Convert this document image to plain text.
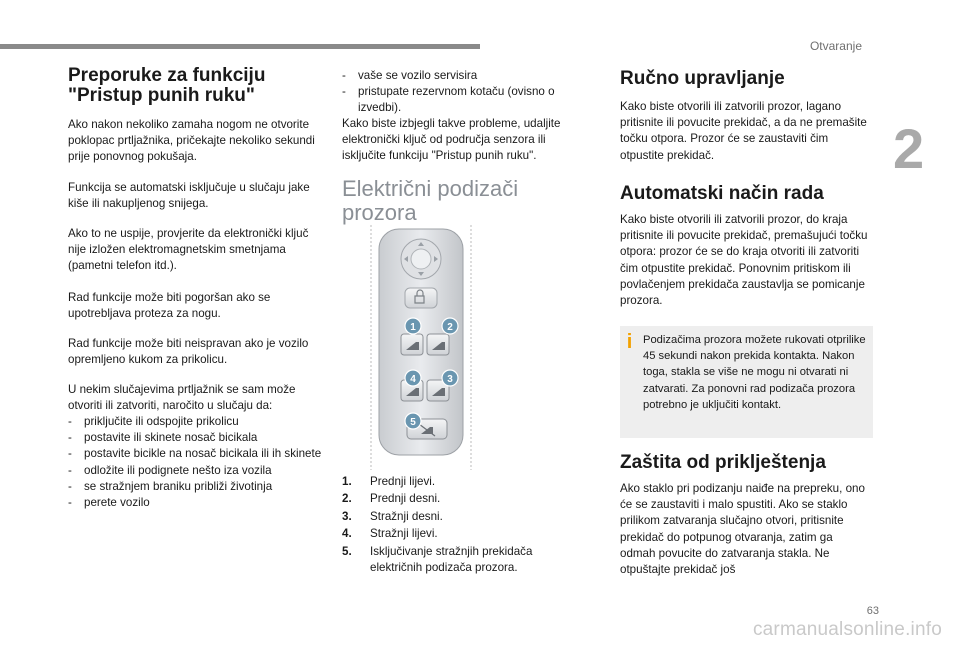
Otvaranje
2
Preporuke za funkciju
"Pristup punih ruku"

Ako nakon nekoliko zamaha nogom ne otvorite poklopac prtljažnika, pričekajte nekoliko sekundi prije ponovnog pokušaja.

Funkcija se automatski isključuje u slučaju jake kiše ili nakupljenog snijega.

Ako to ne uspije, provjerite da elektronički ključ nije izložen elektromagnetskim smetnjama (pametni telefon itd.).

Rad funkcije može biti pogoršan ako se upotrebljava proteza za nogu.

Rad funkcije može biti neispravan ako je vozilo opremljeno kukom za prikolicu.

U nekim slučajevima prtljažnik se sam može otvoriti ili zatvoriti, naročito u slučaju da:

- priključite ili odspojite prikolicu
- postavite ili skinete nosač bicikala
- postavite bicikle na nosač bicikala ili ih skinete
- odložite ili podignete nešto iza vozila
- se stražnjem braniku približi životinja
- perete vozilo
- vaše se vozilo servisira
- pristupate rezervnom kotaču (ovisno o izvedbi).

Kako biste izbjegli takve probleme, udaljite elektronički ključ od područja senzora ili isključite funkciju "Pristup punih ruku".

Električni podizači
prozora
1. Prednji lijevi.
2. Prednji desni.
3. Stražnji desni.
4. Stražnji lijevi.
5. Isključivanje stražnjih prekidača električnih podizača prozora.
1	2
3
4
5
Ručno upravljanje

Kako biste otvorili ili zatvorili prozor, lagano pritisnite ili povucite prekidač, a da ne premašite točku otpora. Prozor će se zaustaviti čim otpustite prekidač.

Automatski način rada

Kako biste otvorili ili zatvorili prozor, do kraja pritisnite ili povucite prekidač, premašujući točku otpora: prozor će se do kraja otvoriti ili zatvoriti čim otpustite prekidač. Ponovnim pritiskom ili povlačenjem prekidača zaustavlja se pomicanje prozora.

Zaštita od priklještenja

Ako staklo pri podizanju naiđe na prepreku, ono će se zaustaviti i malo spustiti. Ako se staklo prilikom zatvaranja slučajno otvori, pritisnite prekidač do potpunog otvaranja, zatim ga odmah povucite do zatvaranja stakla. Ne otpuštajte prekidač još

i Podizačima prozora možete rukovati otprilike 45 sekundi nakon prekida kontakta. Nakon toga, stakla se više ne mogu ni otvarati ni zatvarati. Za ponovni rad podizača prozora potrebno je uključiti kontakt.
63
carmanualsonline.info
